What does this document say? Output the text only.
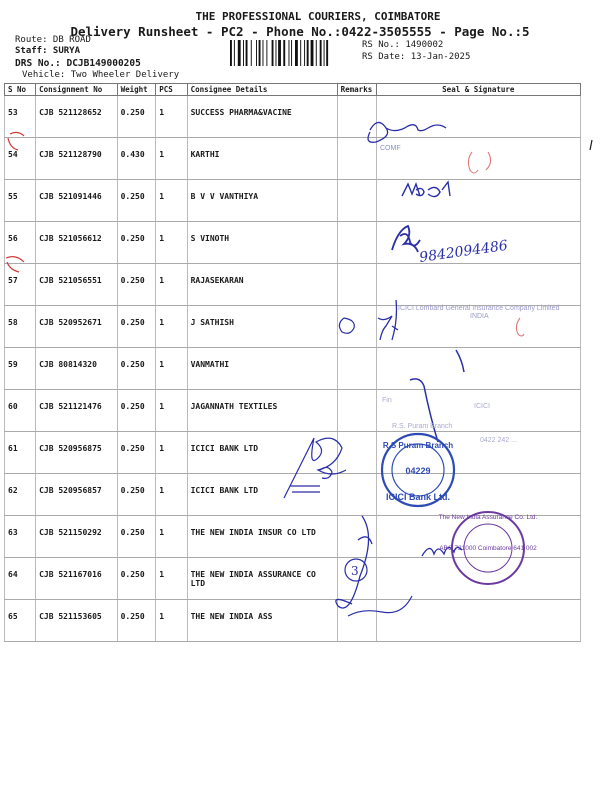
THE PROFESSIONAL COURIERS, COIMBATORE
Delivery Runsheet - PC2 - Phone No.:0422-3505555 - Page No.:5
Route: DB ROAD
Staff: SURYA
DRS No.: DCJB149000205
Vehicle: Two Wheeler Delivery
RS No.: 1490002
RS Date: 13-Jan-2025
S No	Consignment No	Weight	PCS	Consignee Details	Remarks	Seal & Signature

53	CJB 521128652	0.250	1	SUCCESS PHARMA&VACINE		

54	CJB 521128790	0.430	1	KARTHI		

55	CJB 521091446	0.250	1	B V V VANTHIYA		

56	CJB 521056612	0.250	1	S VINOTH		

57	CJB 521056551	0.250	1	RAJASEKARAN		

58	CJB 520952671	0.250	1	J SATHISH		

59	CJB 80814320	0.250	1	VANMATHI		

60	CJB 521121476	0.250	1	JAGANNATH TEXTILES		

61	CJB 520956875	0.250	1	ICICI BANK LTD		

62	CJB 520956857	0.250	1	ICICI BANK LTD		

63	CJB 521150292	0.250	1	THE NEW INDIA INSUR CO LTD		

64	CJB 521167016	0.250	1	THE NEW INDIA ASSURANCE CO LTD		

65	CJB 521153605	0.250	1	THE NEW INDIA ASS		

COMF
9842094486
ICICI Lombard General Insurance Company Limited
INDIA
Fin
ICICI
R.S. Puram Branch
0422 242 ...
R S Puram Branch
04229
ICICI Bank Ltd.
3
The New India Assurance Co. Ltd.
ABC 721000 Coimbatore 641 002
